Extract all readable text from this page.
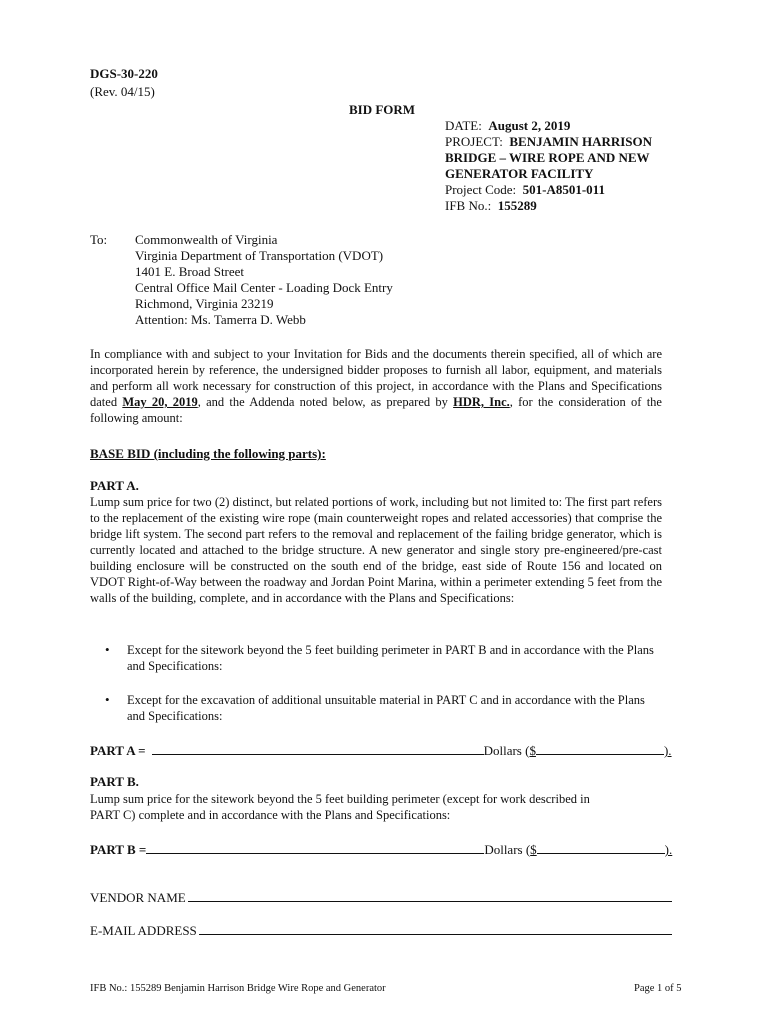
DGS-30-220
(Rev. 04/15)
BID FORM
DATE: August 2, 2019
PROJECT: BENJAMIN HARRISON
BRIDGE – WIRE ROPE AND NEW
GENERATOR FACILITY
Project Code: 501-A8501-011
IFB No.: 155289
To: Commonwealth of Virginia
Virginia Department of Transportation (VDOT)
1401 E. Broad Street
Central Office Mail Center - Loading Dock Entry
Richmond, Virginia 23219
Attention: Ms. Tamerra D. Webb
In compliance with and subject to your Invitation for Bids and the documents therein specified, all of which are incorporated herein by reference, the undersigned bidder proposes to furnish all labor, equipment, and materials and perform all work necessary for construction of this project, in accordance with the Plans and Specifications dated May 20, 2019, and the Addenda noted below, as prepared by HDR, Inc., for the consideration of the following amount:
BASE BID (including the following parts):
PART A.
Lump sum price for two (2) distinct, but related portions of work, including but not limited to: The first part refers to the replacement of the existing wire rope (main counterweight ropes and related accessories) that comprise the bridge lift system. The second part refers to the removal and replacement of the failing bridge generator, which is currently located and attached to the bridge structure. A new generator and single story pre-engineered/pre-cast building enclosure will be constructed on the south end of the bridge, east side of Route 156 and located on VDOT Right-of-Way between the roadway and Jordan Point Marina, within a perimeter extending 5 feet from the walls of the building, complete, and in accordance with the Plans and Specifications:
•	Except for the sitework beyond the 5 feet building perimeter in PART B and in accordance with the Plans and Specifications:
•	Except for the excavation of additional unsuitable material in PART C and in accordance with the Plans and Specifications:
PART A =	Dollars ( $	).
PART B.
Lump sum price for the sitework beyond the 5 feet building perimeter (except for work described in PART C) complete and in accordance with the Plans and Specifications:
PART B =	Dollars ( $	).
VENDOR NAME
E-MAIL ADDRESS
IFB No.: 155289 Benjamin Harrison Bridge Wire Rope and Generator	Page 1 of 5
